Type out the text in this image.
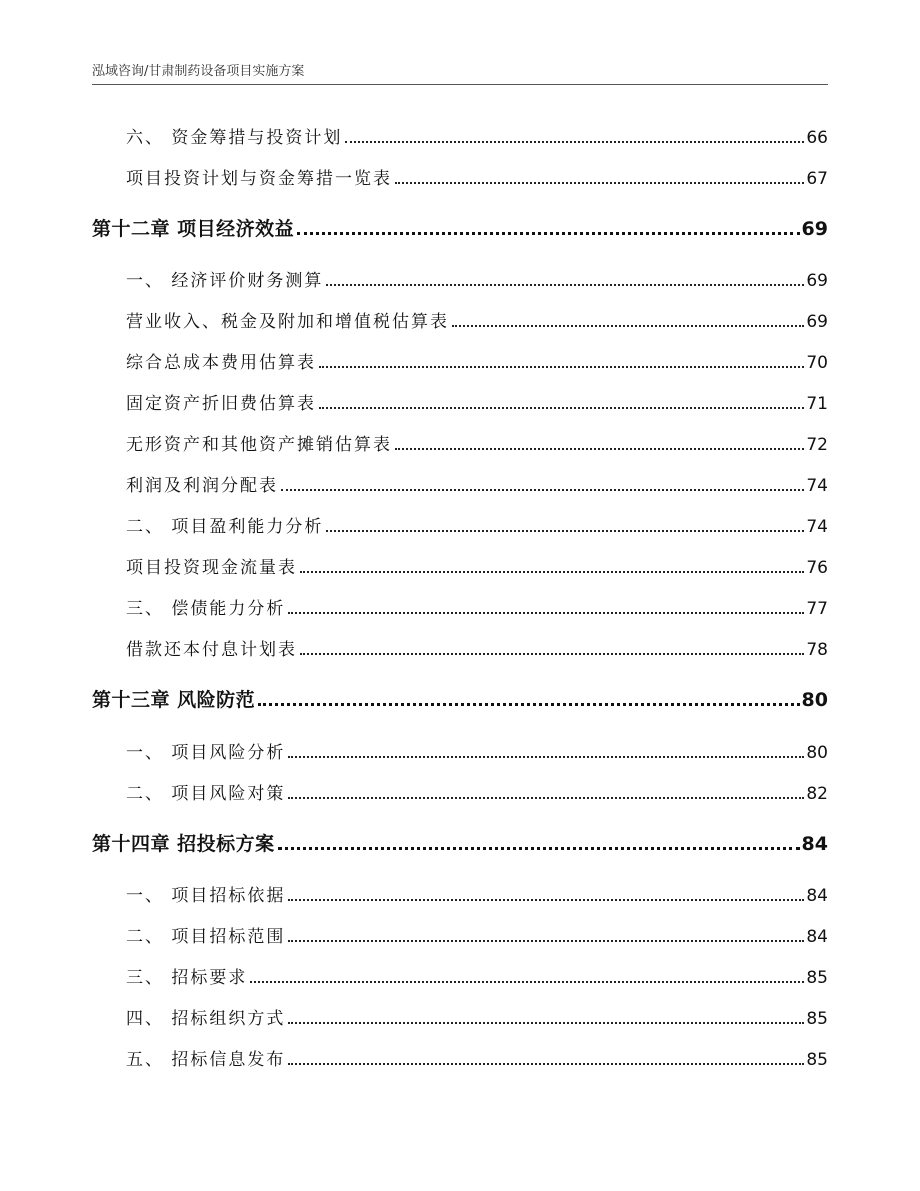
泓域咨询/甘肃制药设备项目实施方案
六、 资金筹措与投资计划	66
项目投资计划与资金筹措一览表	67
第十二章 项目经济效益	69
一、 经济评价财务测算	69
营业收入、税金及附加和增值税估算表	69
综合总成本费用估算表	70
固定资产折旧费估算表	71
无形资产和其他资产摊销估算表	72
利润及利润分配表	74
二、 项目盈利能力分析	74
项目投资现金流量表	76
三、 偿债能力分析	77
借款还本付息计划表	78
第十三章 风险防范	80
一、 项目风险分析	80
二、 项目风险对策	82
第十四章 招投标方案	84
一、 项目招标依据	84
二、 项目招标范围	84
三、 招标要求	85
四、 招标组织方式	85
五、 招标信息发布	85
